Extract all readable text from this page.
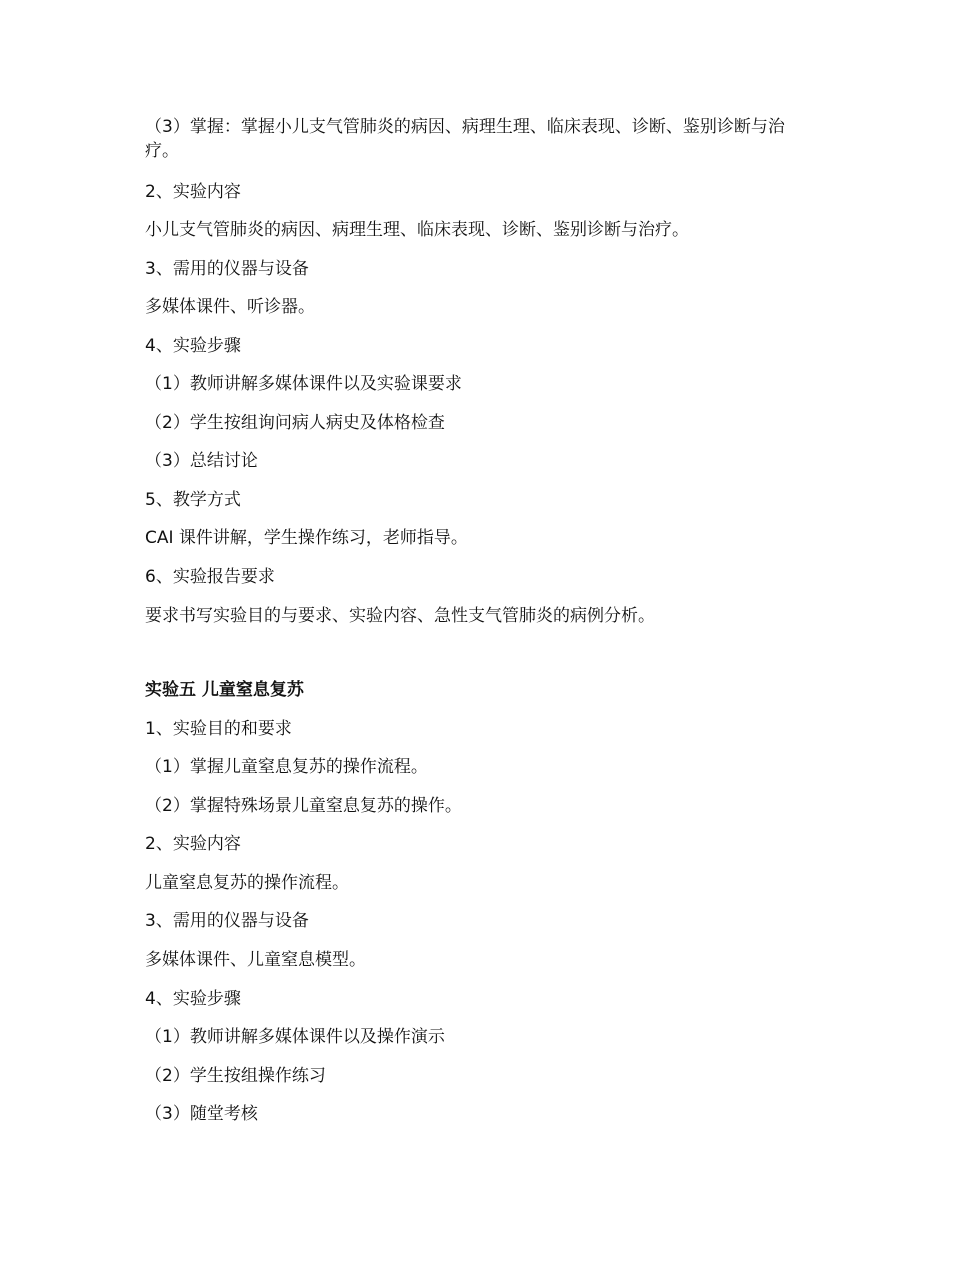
（3）掌握：掌握小儿支气管肺炎的病因、病理生理、临床表现、诊断、鉴别诊断与治疗。
2、实验内容
小儿支气管肺炎的病因、病理生理、临床表现、诊断、鉴别诊断与治疗。
3、需用的仪器与设备
多媒体课件、听诊器。
4、实验步骤
（1）教师讲解多媒体课件以及实验课要求
（2）学生按组询问病人病史及体格检查
（3）总结讨论
5、教学方式
CAI 课件讲解，学生操作练习，老师指导。
6、实验报告要求
要求书写实验目的与要求、实验内容、急性支气管肺炎的病例分析。
实验五 儿童窒息复苏
1、实验目的和要求
（1）掌握儿童窒息复苏的操作流程。
（2）掌握特殊场景儿童窒息复苏的操作。
2、实验内容
儿童窒息复苏的操作流程。
3、需用的仪器与设备
多媒体课件、儿童窒息模型。
4、实验步骤
（1）教师讲解多媒体课件以及操作演示
（2）学生按组操作练习
（3）随堂考核
